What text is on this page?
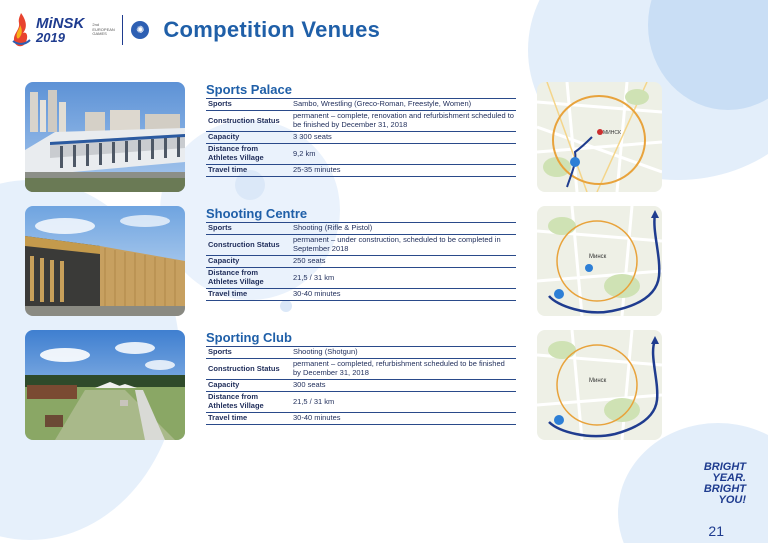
MiNSK
2019
2nd EUROPEAN GAMES	✺ Competition Venues
Sports Palace
Sports	Sambo, Wrestling (Greco-Roman, Freestyle, Women)
Construction Status	permanent – complete, renovation and refurbishment scheduled to be finished by December 31, 2018
Capacity	3 300 seats
Distance from Athletes Village	9,2 km
Travel time	25-35 minutes
МИНСК
Shooting Centre
Sports	Shooting (Rifle & Pistol)
Construction Status	permanent – under construction, scheduled to be completed in September 2018
Capacity	250 seats
Distance from Athletes Village	21,5 / 31 km
Travel time	30-40 minutes
Минск
Sporting Club
Sports	Shooting (Shotgun)
Construction Status	permanent – completed, refurbishment scheduled to be finished by December 31, 2018
Capacity	300 seats
Distance from Athletes Village	21,5 / 31 km
Travel time	30-40 minutes
Минск
BRIGHT
YEAR.
BRIGHT
YOU!
21
